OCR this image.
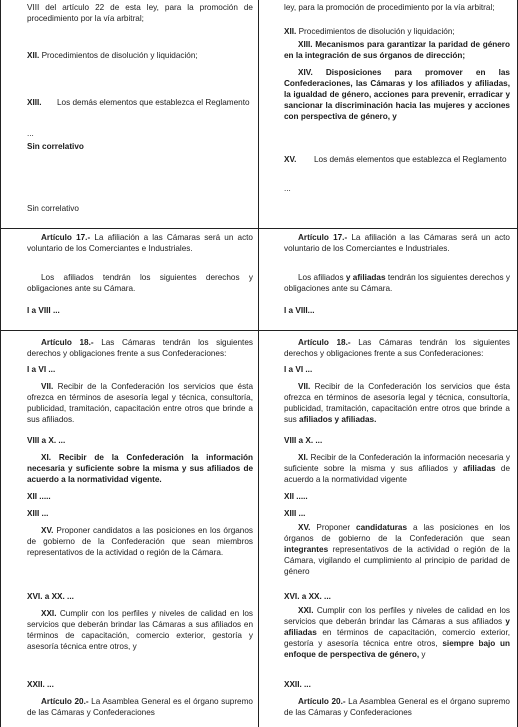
VIII del artículo 22 de esta ley, para la promoción de procedimiento por la vía arbitral;

XII. Procedimientos de disolución y liquidación;

XIII. Los demás elementos que establezca el Reglamento

...

Sin correlativo

Sin correlativo

Artículo 17.- La afiliación a las Cámaras será un acto voluntario de los Comerciantes e Industriales.

Los afiliados tendrán los siguientes derechos y obligaciones ante su Cámara.

I a VIII ...

Artículo 18.- Las Cámaras tendrán los siguientes derechos y obligaciones frente a sus Confederaciones:

I a VI ...

VII. Recibir de la Confederación los servicios que ésta ofrezca en términos de asesoría legal y técnica, consultoría, publicidad, tramitación, capacitación entre otros que brinde a sus afiliados.

VIII a X. ...

XI. Recibir de la Confederación la información necesaria y suficiente sobre la misma y sus afiliados de acuerdo a la normatividad vigente.

XII .....

XIII ...

XV. Proponer candidatos a las posiciones en los órganos de gobierno de la Confederación que sean miembros representativos de la actividad o región de la Cámara.

XVI. a XX. ...

XXI. Cumplir con los perfiles y niveles de calidad en los servicios que deberán brindar las Cámaras a sus afiliados en términos de capacitación, comercio exterior, gestoría y asesoría técnica entre otros, y

XXII. ...

Artículo 20.- La Asamblea General es el órgano supremo de las Cámaras y Confederaciones

ley, para la promoción de procedimiento por la vía arbitral;

XII. Procedimientos de disolución y liquidación;

XIII. Mecanismos para garantizar la paridad de género en la integración de sus órganos de dirección;

XIV. Disposiciones para promover en las Confederaciones, las Cámaras y los afiliados y afiliadas, la igualdad de género, acciones para prevenir, erradicar y sancionar la discriminación hacia las mujeres y acciones con perspectiva de género, y

XV. Los demás elementos que establezca el Reglamento

...

Artículo 17.- La afiliación a las Cámaras será un acto voluntario de los Comerciantes e Industriales.

Los afiliados y afiliadas tendrán los siguientes derechos y obligaciones ante su Cámara.

I a VIII...

Artículo 18.- Las Cámaras tendrán los siguientes derechos y obligaciones frente a sus Confederaciones:

I a VI ...

VII. Recibir de la Confederación los servicios que ésta ofrezca en términos de asesoría legal y técnica, consultoría, publicidad, tramitación, capacitación entre otros que brinde a sus afiliados y afiliadas.

VIII a X. ...

XI. Recibir de la Confederación la información necesaria y suficiente sobre la misma y sus afiliados y afiliadas de acuerdo a la normatividad vigente

XII .....

XIII ...

XV. Proponer candidaturas a las posiciones en los órganos de gobierno de la Confederación que sean integrantes representativos de la actividad o región de la Cámara, vigilando el cumplimiento al principio de paridad de género

XVI. a XX. ...

XXI. Cumplir con los perfiles y niveles de calidad en los servicios que deberán brindar las Cámaras a sus afiliados y afiliadas en términos de capacitación, comercio exterior, gestoría y asesoría técnica entre otros, siempre bajo un enfoque de perspectiva de género, y

XXII. ...

Artículo 20.- La Asamblea General es el órgano supremo de las Cámaras y Confederaciones
